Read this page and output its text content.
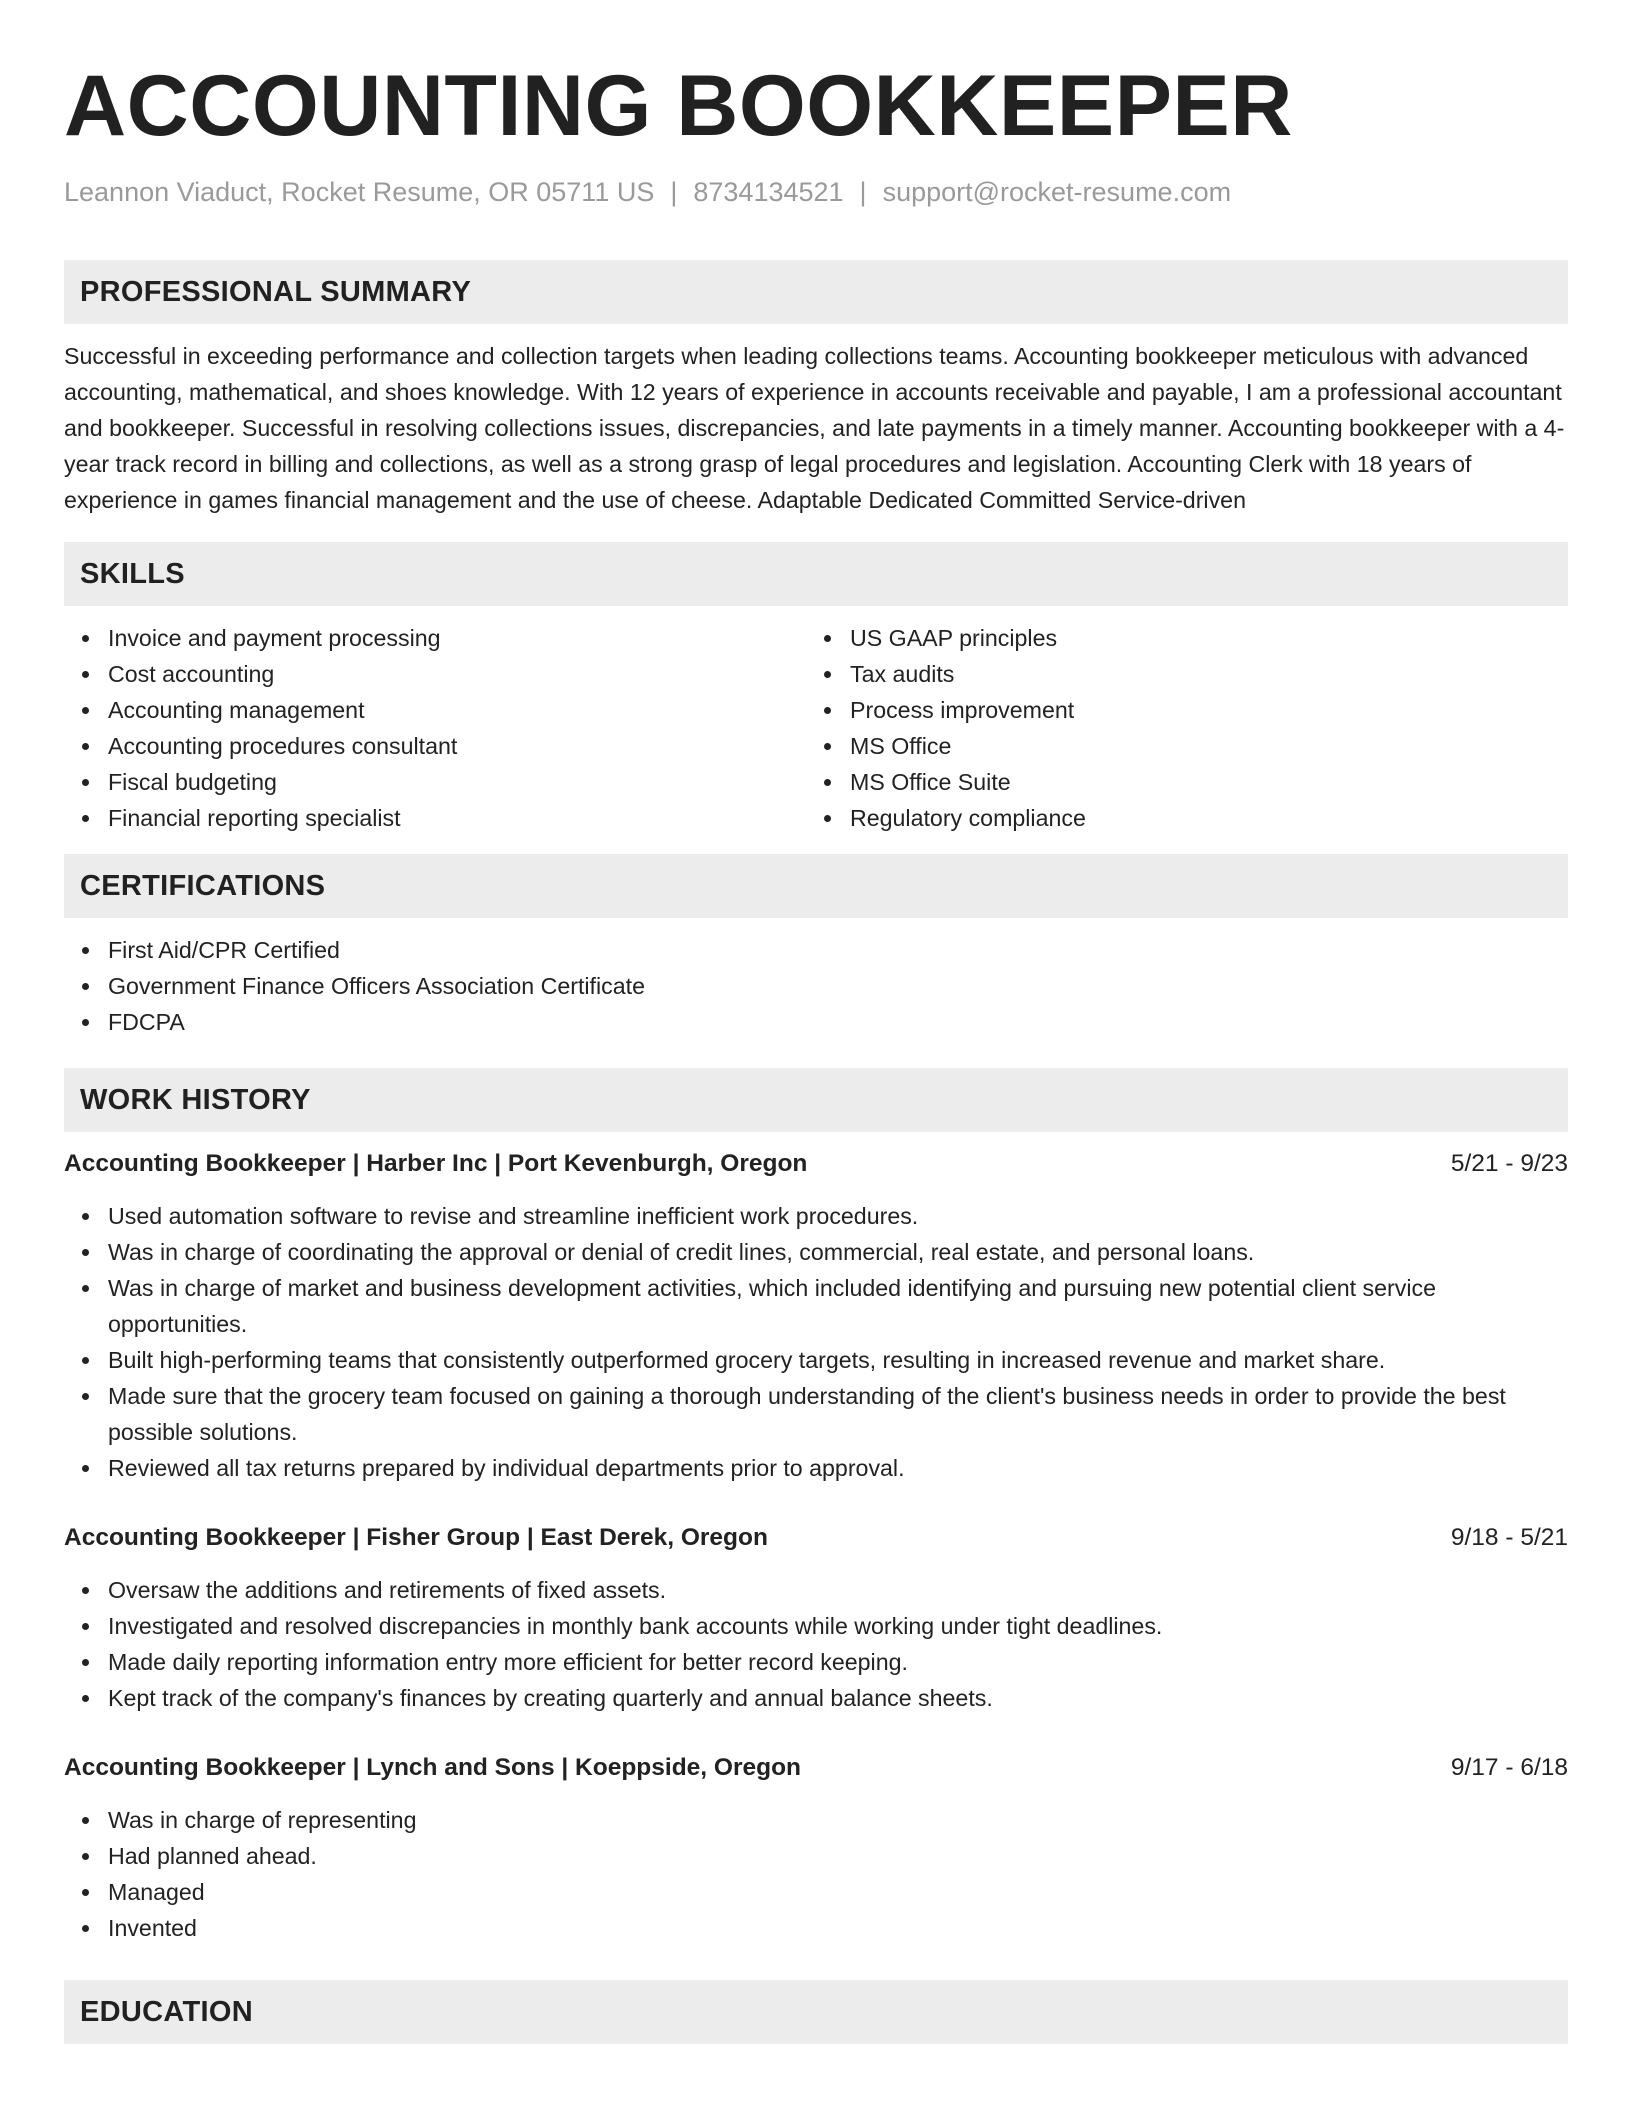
ACCOUNTING BOOKKEEPER
Leannon Viaduct, Rocket Resume, OR 05711 US | 8734134521 | support@rocket-resume.com
PROFESSIONAL SUMMARY

Successful in exceeding performance and collection targets when leading collections teams. Accounting bookkeeper meticulous with advanced accounting, mathematical, and shoes knowledge. With 12 years of experience in accounts receivable and payable, I am a professional accountant and bookkeeper. Successful in resolving collections issues, discrepancies, and late payments in a timely manner. Accounting bookkeeper with a 4-year track record in billing and collections, as well as a strong grasp of legal procedures and legislation. Accounting Clerk with 18 years of experience in games financial management and the use of cheese. Adaptable Dedicated Committed Service-driven

SKILLS
Invoice and payment processing
Cost accounting
Accounting management
Accounting procedures consultant
Fiscal budgeting
Financial reporting specialist
US GAAP principles
Tax audits
Process improvement
MS Office
MS Office Suite
Regulatory compliance
CERTIFICATIONS
First Aid/CPR Certified
Government Finance Officers Association Certificate
FDCPA
WORK HISTORY
Accounting Bookkeeper | Harber Inc | Port Kevenburgh, Oregon	5/21 - 9/23
Used automation software to revise and streamline inefficient work procedures.
Was in charge of coordinating the approval or denial of credit lines, commercial, real estate, and personal loans.
Was in charge of market and business development activities, which included identifying and pursuing new potential client service opportunities.
Built high-performing teams that consistently outperformed grocery targets, resulting in increased revenue and market share.
Made sure that the grocery team focused on gaining a thorough understanding of the client's business needs in order to provide the best possible solutions.
Reviewed all tax returns prepared by individual departments prior to approval.
Accounting Bookkeeper | Fisher Group | East Derek, Oregon	9/18 - 5/21
Oversaw the additions and retirements of fixed assets.
Investigated and resolved discrepancies in monthly bank accounts while working under tight deadlines.
Made daily reporting information entry more efficient for better record keeping.
Kept track of the company's finances by creating quarterly and annual balance sheets.
Accounting Bookkeeper | Lynch and Sons | Koeppside, Oregon	9/17 - 6/18
Was in charge of representing
Had planned ahead.
Managed
Invented
EDUCATION
